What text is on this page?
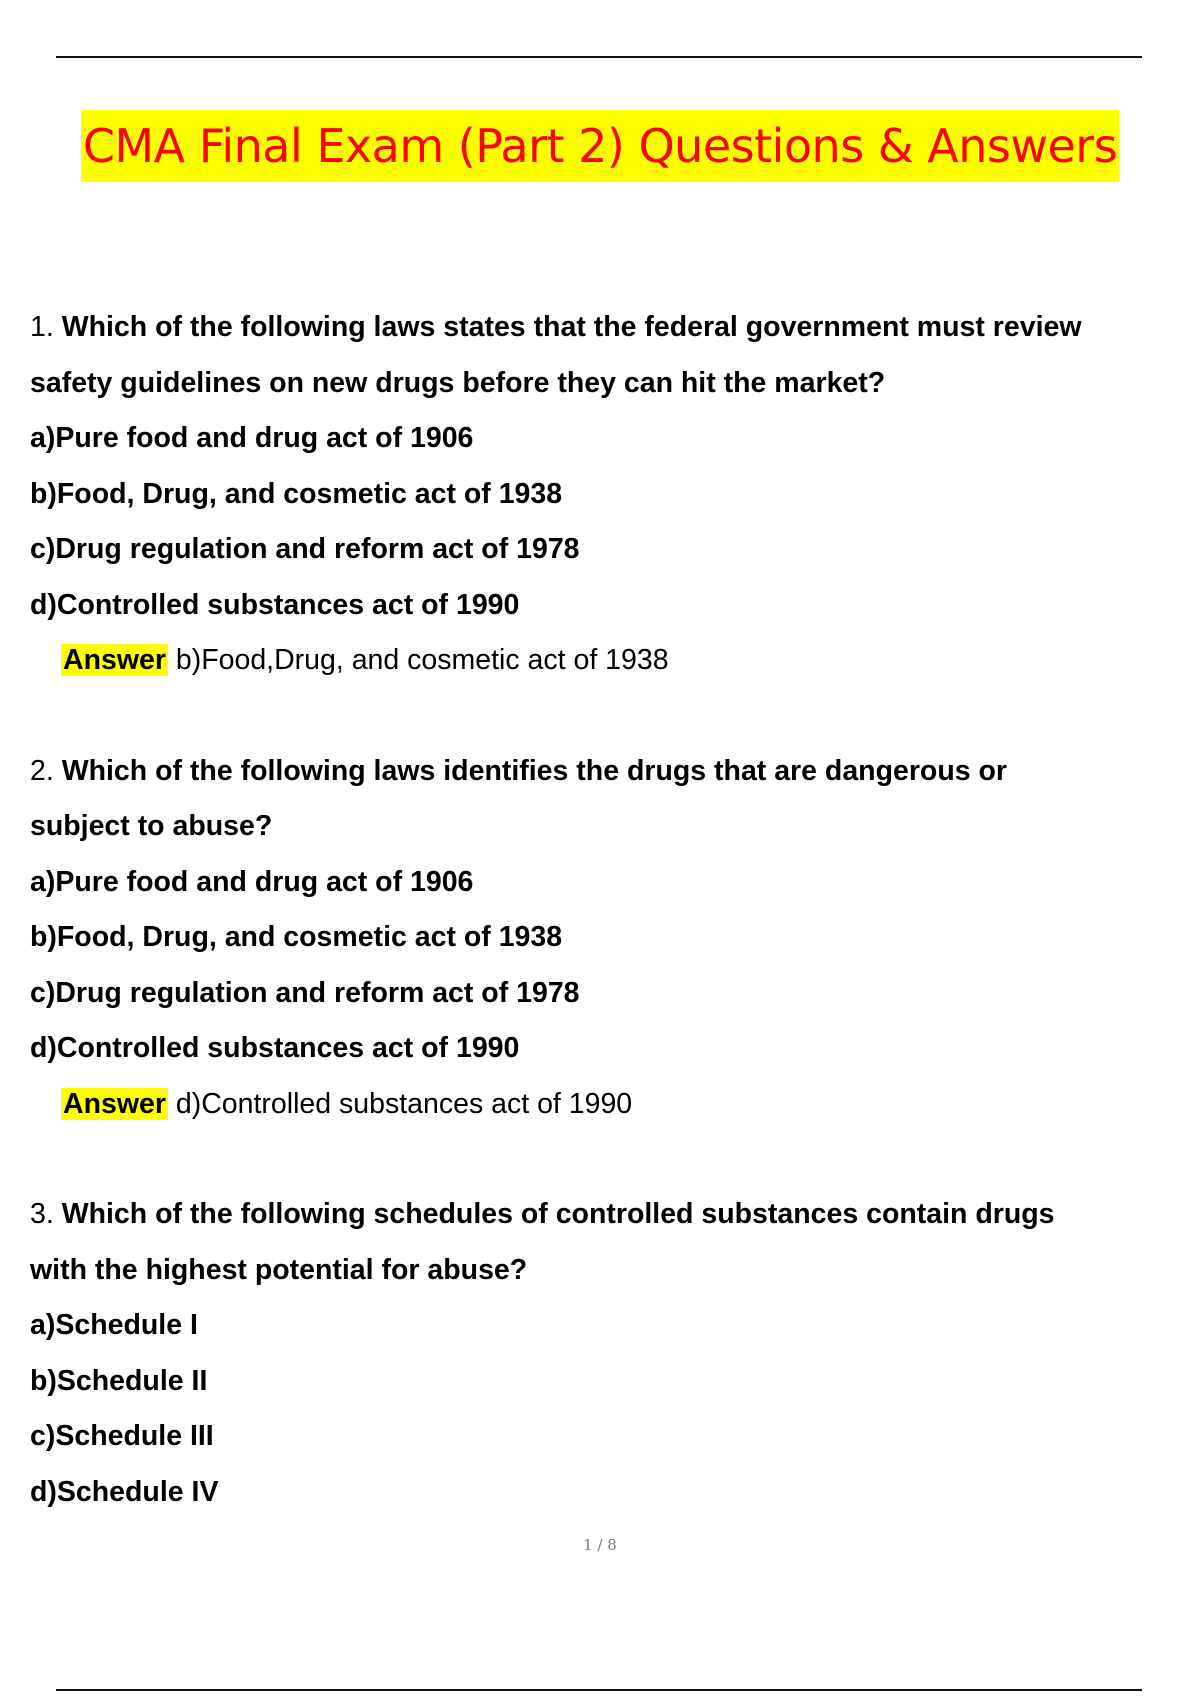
CMA Final Exam (Part 2) Questions & Answers
1. Which of the following laws states that the federal government must review
safety guidelines on new drugs before they can hit the market?
a)Pure food and drug act of 1906
b)Food, Drug, and cosmetic act of 1938
c)Drug regulation and reform act of 1978
d)Controlled substances act of 1990
Answer b)Food,Drug, and cosmetic act of 1938
2. Which of the following laws identifies the drugs that are dangerous or
subject to abuse?
a)Pure food and drug act of 1906
b)Food, Drug, and cosmetic act of 1938
c)Drug regulation and reform act of 1978
d)Controlled substances act of 1990
Answer d)Controlled substances act of 1990
3. Which of the following schedules of controlled substances contain drugs
with the highest potential for abuse?
a)Schedule I
b)Schedule II
c)Schedule III
d)Schedule IV
1 / 8
